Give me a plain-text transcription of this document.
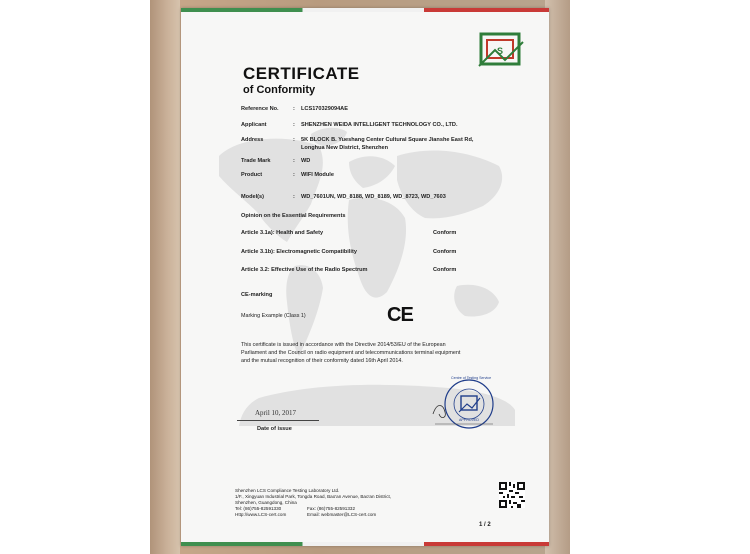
S
CERTIFICATE
of Conformity
Reference No.	: LCS170329094AE
Applicant	: SHENZHEN WEIDA INTELLIGENT TECHNOLOGY CO., LTD.
Address	: 5K BLOCK B. Yueshang Center Cultural Square Jianshe East Rd,
Longhua New District, Shenzhen
Trade Mark	: WD
Product	: WIFI Module
Model(s)	: WD_7601UN, WD_8188, WD_8189, WD_8723, WD_7603
Opinion on the Essential Requirements
Article 3.1a): Health and Safety	Conform
Article 3.1b): Electromagnetic Compatibility	Conform
Article 3.2: Effective Use of the Radio Spectrum	Conform
CE-marking
Marking Example (Class 1)	CE
This certificate is issued in accordance with the Directive 2014/53/EU of the European
Parliament and the Council on radio equipment and telecommunications terminal equipment
and the mutual recognition of their conformity dated 16th April 2014.
April 10, 2017
Date of issue
Centre of Testing Service
APPROVED
Shenzhen LCS Compliance Testing Laboratory Ltd.
1/F., Xingyuan Industrial Park, Tongda Road, Bao'an Avenue, Bao'an District,
Shenzhen, Guangdong, China
Tel: (86)755-82591330	Fax: (86)755-82591332
Http://www.LCS-cert.com	Email: webmaster@LCS-cert.com
1 / 2
